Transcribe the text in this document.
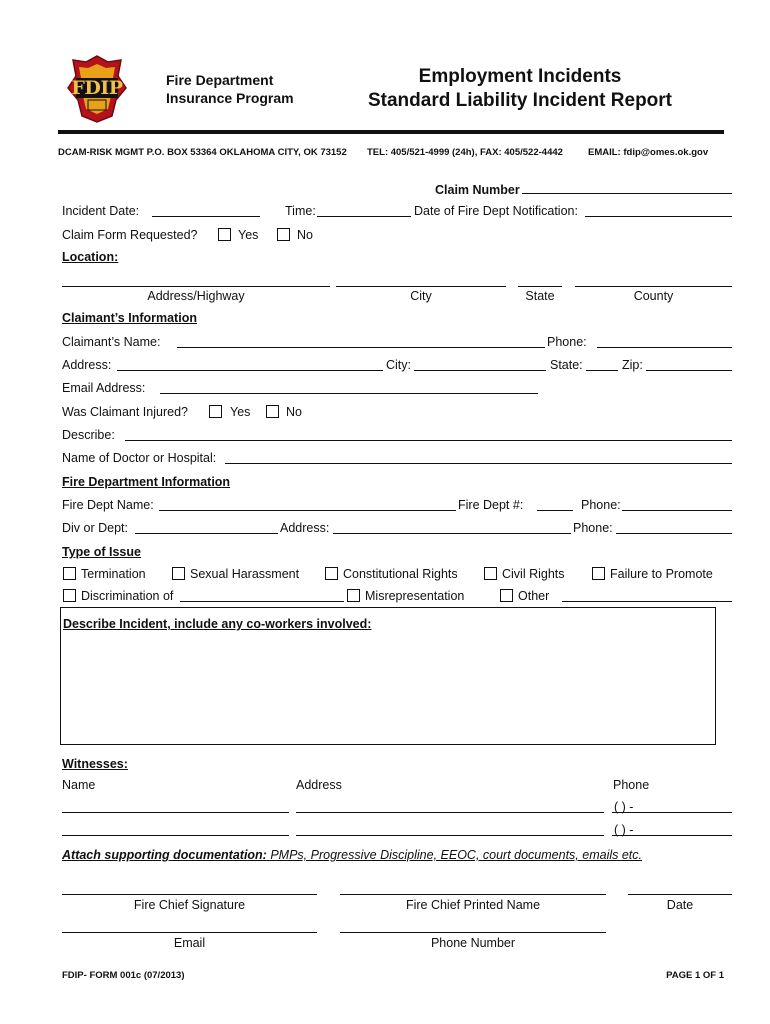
FDIP	Fire Department
Insurance Program
Employment Incidents
Standard Liability Incident Report
DCAM-RISK MGMT P.O. BOX 53364 OKLAHOMA CITY, OK 73152 TEL: 405/521-4999 (24h), FAX: 405/522-4442	EMAIL: fdip@omes.ok.gov
Claim Number
Incident Date:	Time:	Date of Fire Dept Notification:
Claim Form Requested?	Yes	No
Location:
Address/Highway	City	State	County
Claimant’s Information
Claimant’s Name:	Phone:
Address:	City:	State:	Zip:
Email Address:
Was Claimant Injured?	Yes	No
Describe:
Name of Doctor or Hospital:
Fire Department Information
Fire Dept Name:	Fire Dept #:	Phone:
Div or Dept:	Address:	Phone:
Type of Issue
Termination	Sexual Harassment	Constitutional Rights	Civil Rights	Failure to Promote
Discrimination of	Misrepresentation	Other
Describe Incident, include any co-workers involved:
Witnesses:
Name	Address	Phone
( ) -
( ) -
Attach supporting documentation: PMPs, Progressive Discipline, EEOC, court documents, emails etc.
Fire Chief Signature	Fire Chief Printed Name	Date
Email	Phone Number
FDIP- FORM 001c (07/2013)	PAGE 1 OF 1
